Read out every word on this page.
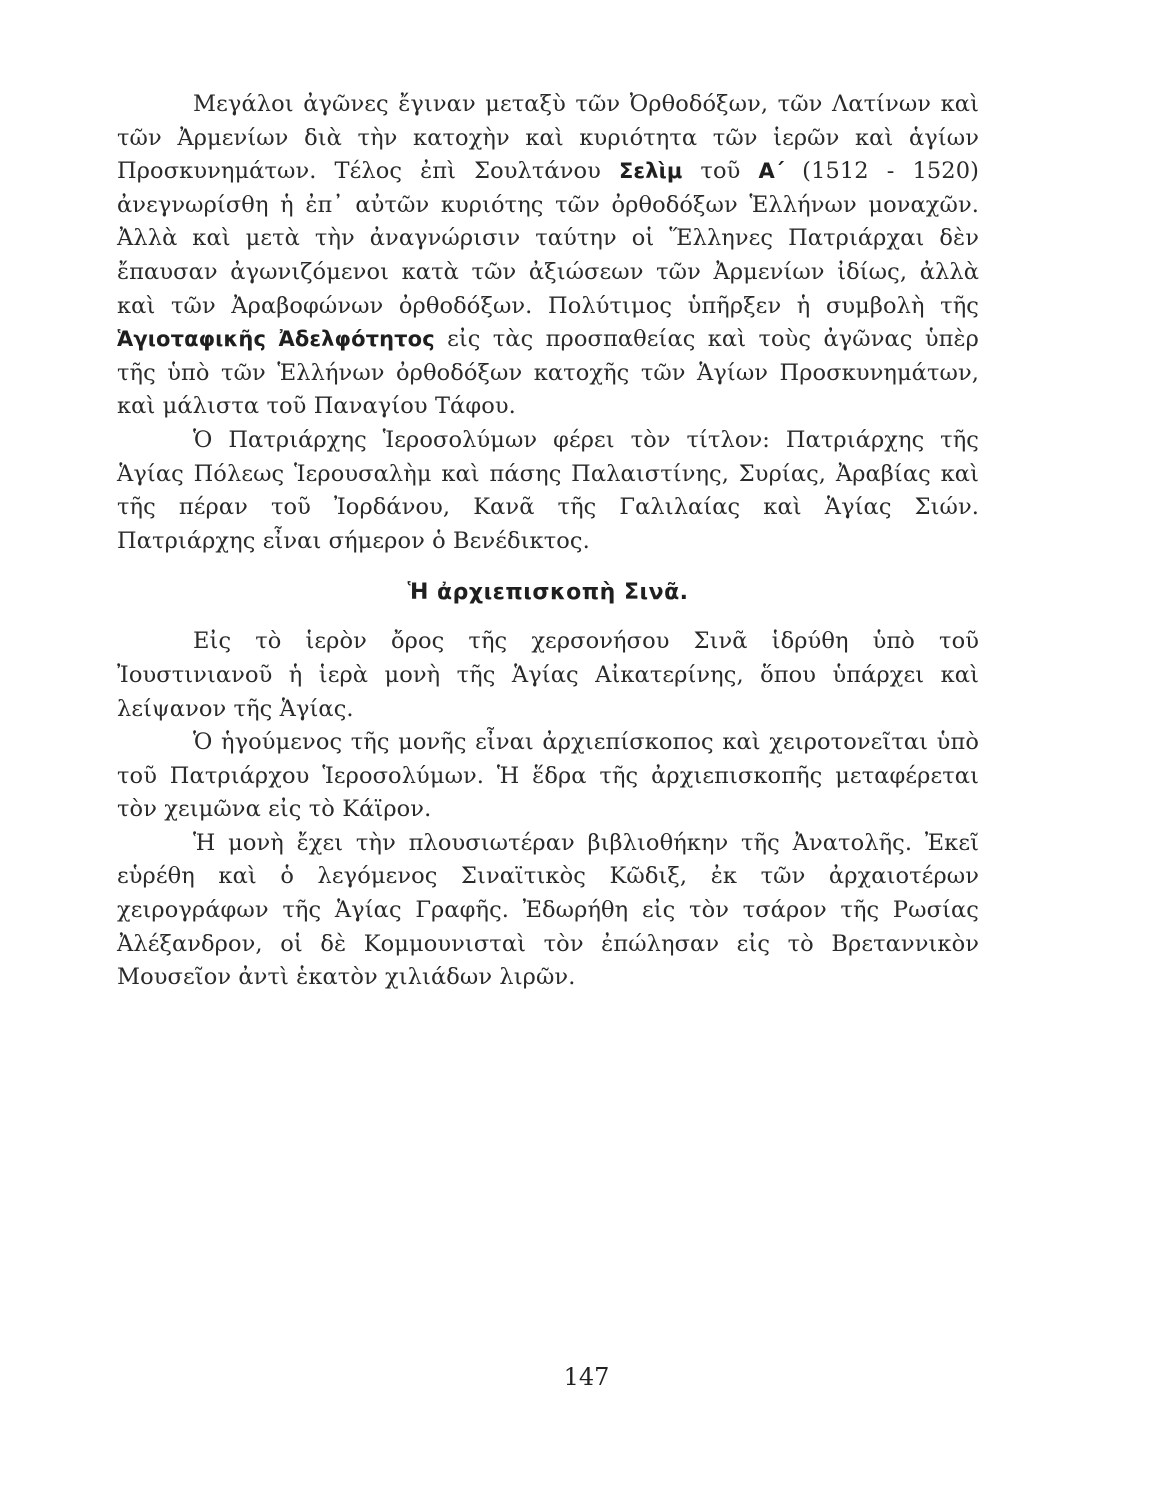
Μεγάλοι ἀγῶνες ἔγιναν μεταξὺ τῶν Ὀρθοδόξων, τῶν Λατίνων καὶ τῶν Ἀρμενίων διὰ τὴν κατοχὴν καὶ κυριότητα τῶν ἱερῶν καὶ ἁγίων Προσκυνημάτων. Τέλος ἐπὶ Σουλτάνου Σελὶμ τοῦ Α΄ (1512 - 1520) ἀνεγνωρίσθη ἡ ἐπ᾽ αὐτῶν κυριότης τῶν ὀρθοδόξων Ἑλλήνων μοναχῶν. Ἀλλὰ καὶ μετὰ τὴν ἀναγνώρισιν ταύτην οἱ Ἕλληνες Πατριάρχαι δὲν ἔπαυσαν ἀγωνιζόμενοι κατὰ τῶν ἀξιώσεων τῶν Ἀρμενίων ἰδίως, ἀλλὰ καὶ τῶν Ἀραβοφώνων ὀρθοδόξων. Πολύτιμος ὑπῆρξεν ἡ συμβολὴ τῆς Ἁγιοταφικῆς Ἀδελφότητος εἰς τὰς προσπαθείας καὶ τοὺς ἀγῶνας ὑπὲρ τῆς ὑπὸ τῶν Ἑλλήνων ὀρθοδόξων κατοχῆς τῶν Ἁγίων Προσκυνημάτων, καὶ μάλιστα τοῦ Παναγίου Τάφου.

Ὁ Πατριάρχης Ἱεροσολύμων φέρει τὸν τίτλον: Πατριάρχης τῆς Ἁγίας Πόλεως Ἱερουσαλὴμ καὶ πάσης Παλαιστίνης, Συρίας, Ἀραβίας καὶ τῆς πέραν τοῦ Ἰορδάνου, Κανᾶ τῆς Γαλιλαίας καὶ Ἁγίας Σιών. Πατριάρχης εἶναι σήμερον ὁ Βενέδικτος.

Ἡ ἀρχιεπισκοπὴ Σινᾶ.

Εἰς τὸ ἱερὸν ὄρος τῆς χερσονήσου Σινᾶ ἱδρύθη ὑπὸ τοῦ Ἰουστινιανοῦ ἡ ἱερὰ μονὴ τῆς Ἁγίας Αἰκατερίνης, ὅπου ὑπάρχει καὶ λείψανον τῆς Ἁγίας.

Ὁ ἡγούμενος τῆς μονῆς εἶναι ἀρχιεπίσκοπος καὶ χειροτονεῖται ὑπὸ τοῦ Πατριάρχου Ἱεροσολύμων. Ἡ ἕδρα τῆς ἀρχιεπισκοπῆς μεταφέρεται τὸν χειμῶνα εἰς τὸ Κάϊρον.

Ἡ μονὴ ἔχει τὴν πλουσιωτέραν βιβλιοθήκην τῆς Ἀνατολῆς. Ἐκεῖ εὑρέθη καὶ ὁ λεγόμενος Σιναϊτικὸς Κῶδιξ, ἐκ τῶν ἀρχαιοτέρων χειρογράφων τῆς Ἁγίας Γραφῆς. Ἐδωρήθη εἰς τὸν τσάρον τῆς Ρωσίας Ἀλέξανδρον, οἱ δὲ Κομμουνισταὶ τὸν ἐπώλησαν εἰς τὸ Βρεταννικὸν Μουσεῖον ἀντὶ ἑκατὸν χιλιάδων λιρῶν.

147
